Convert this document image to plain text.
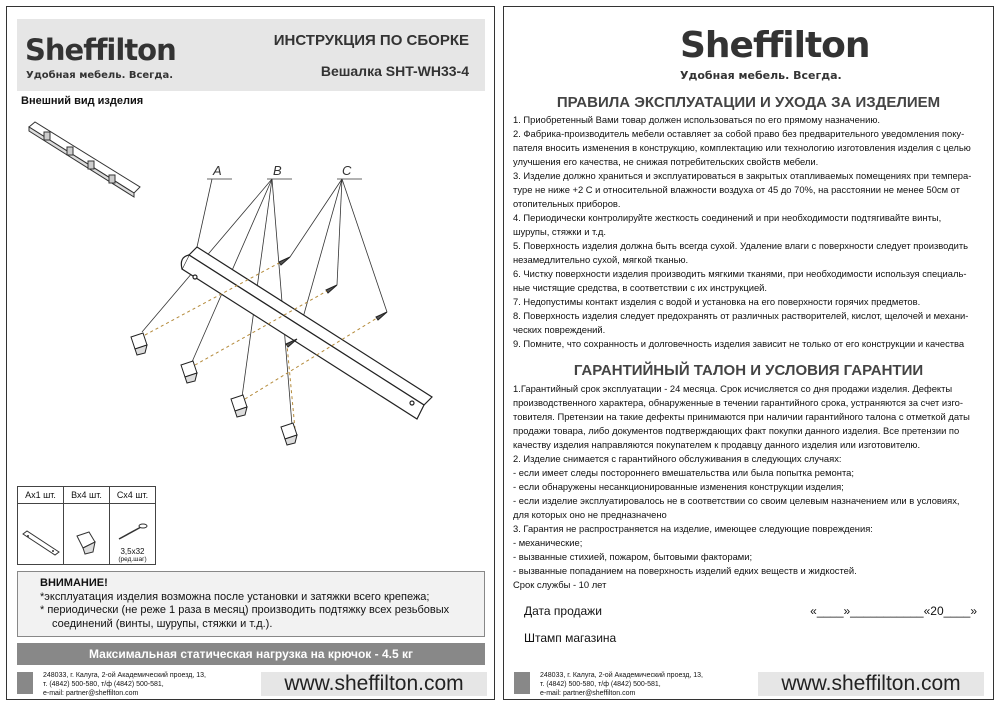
Sheffilton
Удобная мебель. Всегда.
ИНСТРУКЦИЯ ПО СБОРКЕ
Вешалка SHT-WH33-4
Внешний вид изделия
A	B	C
Ах1 шт.	Вх4 шт.	Сх4 шт.

3,5х32
(ред.шаг)
ВНИМАНИЕ!
*эксплуатация изделия возможна после установки и затяжки всего крепежа;
* периодически (не реже 1 раза в месяц) производить подтяжку всех резьбовых
соединений (винты, шурупы, стяжки и т.д.).
Максимальная статическая нагрузка на крючок - 4.5 кг
248033, г. Калуга, 2-ой Академический проезд, 13,
т. (4842) 500-580, т/ф (4842) 500-581,
e-mail: partner@sheffilton.com	www.sheffilton.com
Sheffilton
Удобная мебель. Всегда.
ПРАВИЛА ЭКСПЛУАТАЦИИ И УХОДА ЗА ИЗДЕЛИЕМ

1. Приобретенный Вами товар должен использоваться по его прямому назначению.

2. Фабрика-производитель мебели оставляет за собой право без предварительного уведомления поку-

пателя вносить изменения в конструкцию, комплектацию или технологию изготовления изделия с целью

улучшения его качества, не снижая потребительских свойств мебели.

3. Изделие должно храниться и эксплуатироваться в закрытых отапливаемых помещениях при темпера-

туре не ниже +2 С и относительной влажности воздуха от 45 до 70%, на расстоянии не менее 50см от

отопительных приборов.

4. Периодически контролируйте жесткость соединений и при необходимости подтягивайте винты,

шурупы, стяжки и т.д.

5. Поверхность изделия должна быть всегда сухой. Удаление влаги с поверхности следует производить

незамедлительно сухой, мягкой тканью.

6. Чистку поверхности изделия производить мягкими тканями, при необходимости используя специаль-

ные чистящие средства, в соответствии с их инструкцией.

7. Недопустимы контакт изделия с водой и установка на его поверхности горячих предметов.

8. Поверхность изделия следует предохранять от различных растворителей, кислот, щелочей и механи-

ческих повреждений.

9. Помните, что сохранность и долговечность изделия зависит не только от его конструкции и качества

ГАРАНТИЙНЫЙ ТАЛОН И УСЛОВИЯ ГАРАНТИИ

1.Гарантийный срок эксплуатации - 24 месяца. Срок исчисляется со дня продажи изделия. Дефекты

производственного характера, обнаруженные в течении гарантийного срока, устраняются за счет изго-

товителя. Претензии на такие дефекты принимаются при наличии гарантийного талона с отметкой даты

продажи товара, либо документов подтверждающих факт покупки данного изделия. Все претензии по

качеству изделия направляются покупателем к продавцу данного изделия или изготовителю.

2. Изделие снимается с гарантийного обслуживания в следующих случаях:

- если имеет следы постороннего вмешательства или была попытка ремонта;

- если обнаружены несанкционированные изменения конструкции изделия;

- если изделие эксплуатировалось не в соответствии со своим целевым назначением или в условиях,

для которых оно не предназначено

3. Гарантия не распространяется на изделие, имеющее следующие повреждения:

- механические;

- вызванные стихией, пожаром, бытовыми факторами;

- вызванные попаданием на поверхность изделий едких веществ и жидкостей.

Срок службы - 10 лет

Дата продажи	«____»___________«20____»
Штамп магазина
248033, г. Калуга, 2-ой Академический проезд, 13,
т. (4842) 500-580, т/ф (4842) 500-581,
e-mail: partner@sheffilton.com	www.sheffilton.com
